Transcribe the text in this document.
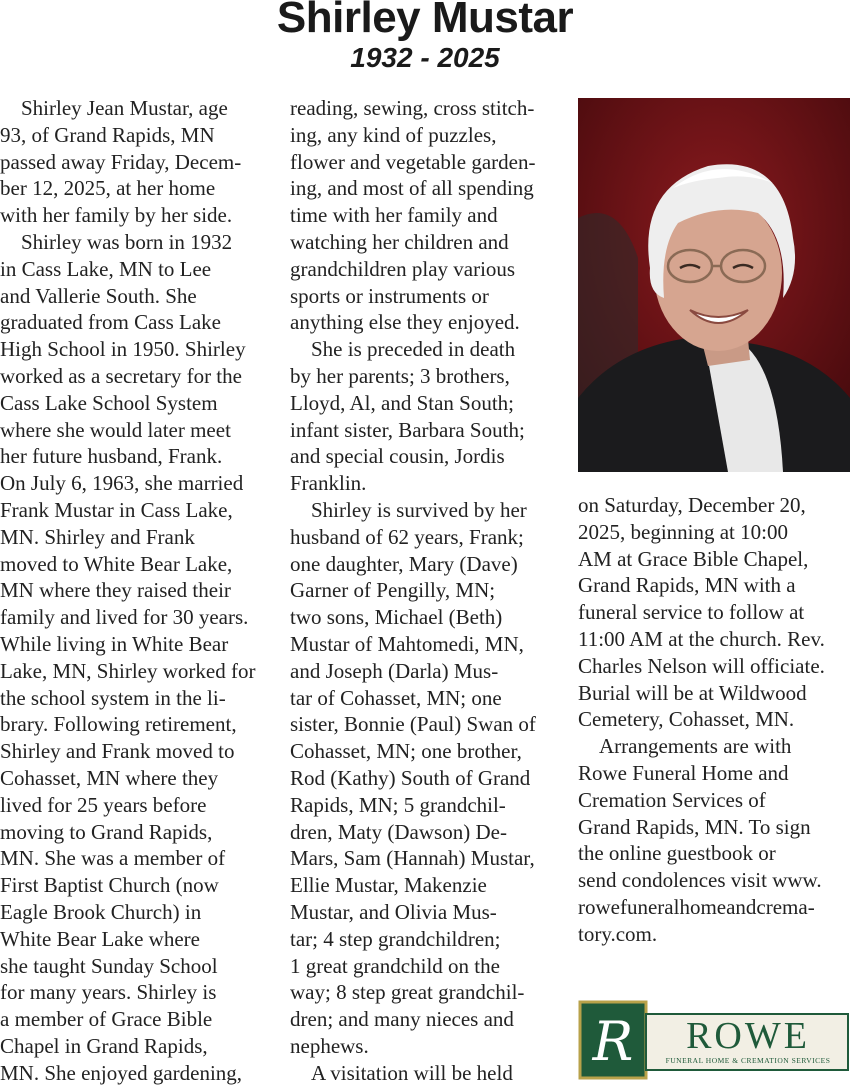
Shirley Mustar
1932 - 2025
 Shirley Jean Mustar, age
93, of Grand Rapids, MN
passed away Friday, Decem-
ber 12, 2025, at her home
with her family by her side.
 Shirley was born in 1932
in Cass Lake, MN to Lee
and Vallerie South. She
graduated from Cass Lake
High School in 1950. Shirley
worked as a secretary for the
Cass Lake School System
where she would later meet
her future husband, Frank.
On July 6, 1963, she married
Frank Mustar in Cass Lake,
MN. Shirley and Frank
moved to White Bear Lake,
MN where they raised their
family and lived for 30 years.
While living in White Bear
Lake, MN, Shirley worked for
the school system in the li-
brary. Following retirement,
Shirley and Frank moved to
Cohasset, MN where they
lived for 25 years before
moving to Grand Rapids,
MN. She was a member of
First Baptist Church (now
Eagle Brook Church) in
White Bear Lake where
she taught Sunday School
for many years. Shirley is
a member of Grace Bible
Chapel in Grand Rapids,
MN. She enjoyed gardening,
reading, sewing, cross stitch-
ing, any kind of puzzles,
flower and vegetable garden-
ing, and most of all spending
time with her family and
watching her children and
grandchildren play various
sports or instruments or
anything else they enjoyed.
 She is preceded in death
by her parents; 3 brothers,
Lloyd, Al, and Stan South;
infant sister, Barbara South;
and special cousin, Jordis
Franklin.
 Shirley is survived by her
husband of 62 years, Frank;
one daughter, Mary (Dave)
Garner of Pengilly, MN;
two sons, Michael (Beth)
Mustar of Mahtomedi, MN,
and Joseph (Darla) Mus-
tar of Cohasset, MN; one
sister, Bonnie (Paul) Swan of
Cohasset, MN; one brother,
Rod (Kathy) South of Grand
Rapids, MN; 5 grandchil-
dren, Maty (Dawson) De-
Mars, Sam (Hannah) Mustar,
Ellie Mustar, Makenzie
Mustar, and Olivia Mus-
tar; 4 step grandchildren;
1 great grandchild on the
way; 8 step great grandchil-
dren; and many nieces and
nephews.
 A visitation will be held
on Saturday, December 20,
2025, beginning at 10:00
AM at Grace Bible Chapel,
Grand Rapids, MN with a
funeral service to follow at
11:00 AM at the church. Rev.
Charles Nelson will officiate.
Burial will be at Wildwood
Cemetery, Cohasset, MN.
 Arrangements are with
Rowe Funeral Home and
Cremation Services of
Grand Rapids, MN. To sign
the online guestbook or
send condolences visit www.
rowefuneralhomeandcrema-
tory.com.
R ROWE
FUNERAL HOME & CREMATION SERVICES
